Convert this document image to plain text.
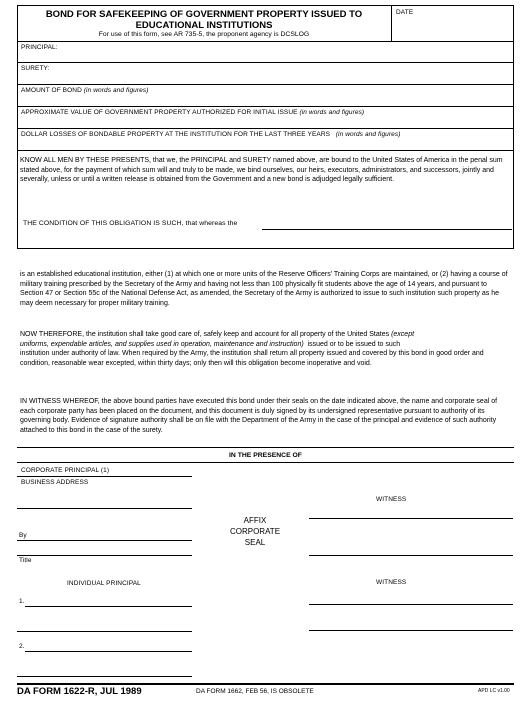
BOND FOR SAFEKEEPING OF GOVERNMENT PROPERTY ISSUED TO
EDUCATIONAL INSTITUTIONS
For use of this form, see AR 735-5, the proponent agency is DCSLOG
DATE
PRINCIPAL:
SURETY:
AMOUNT OF BOND (in words and figures)
APPROXIMATE VALUE OF GOVERNMENT PROPERTY AUTHORIZED FOR INITIAL ISSUE (in words and figures)
DOLLAR LOSSES OF BONDABLE PROPERTY AT THE INSTITUTION FOR THE LAST THREE YEARS (in words and figures)
KNOW ALL MEN BY THESE PRESENTS, that we, the PRINCIPAL and SURETY named above, are bound to the United States of America in the penal sum stated above, for the payment of which sum will and truly to be made, we bind ourselves, our heirs, executors, administrators, and successors, jointly and severally, unless or until a written release is obtained from the Government and a new bond is adjudged legally sufficient.
THE CONDITION OF THIS OBLIGATION IS SUCH, that whereas the
is an established educational institution, either (1) at which one or more units of the Reserve Officers' Training Corps are maintained, or (2) having a course of military training prescribed by the Secretary of the Army and having not less than 100 physically fit students above the age of 14 years, and pursuant to Section 47 or Section 55c of the National Defense Act, as amended, the Secretary of the Army is authorized to issue to such institution such property as he may deem necessary for proper military training.
NOW THEREFORE, the institution shall take good care of, safely keep and account for all property of the United States (except
uniforms, expendable articles, and supplies used in operation, maintenance and instruction) issued or to be issued to such
institution under authority of law. When required by the Army, the institution shall return all property issued and covered by this bond in good order and condition, reasonable wear excepted, within thirty days; only then will this obligation become inoperative and void.
IN WITNESS WHEREOF, the above bound parties have executed this bond under their seals on the date indicated above, the name and corporate seal of each corporate party has been placed on the document, and this document is duly signed by its undersigned representative pursuant to authority of its governing body. Evidence of signature authority shall be on file with the Department of the Army in the case of the principal and evidence of such authority attached to this bond in the case of the surety.
IN THE PRESENCE OF
CORPORATE PRINCIPAL (1)
BUSINESS ADDRESS
WITNESS
AFFIX
CORPORATE
SEAL
By
Title
INDIVIDUAL PRINCIPAL	WITNESS
1.
2.
DA FORM 1622-R, JUL 1989	DA FORM 1662, FEB 56, IS OBSOLETE	APD LC v1.00
